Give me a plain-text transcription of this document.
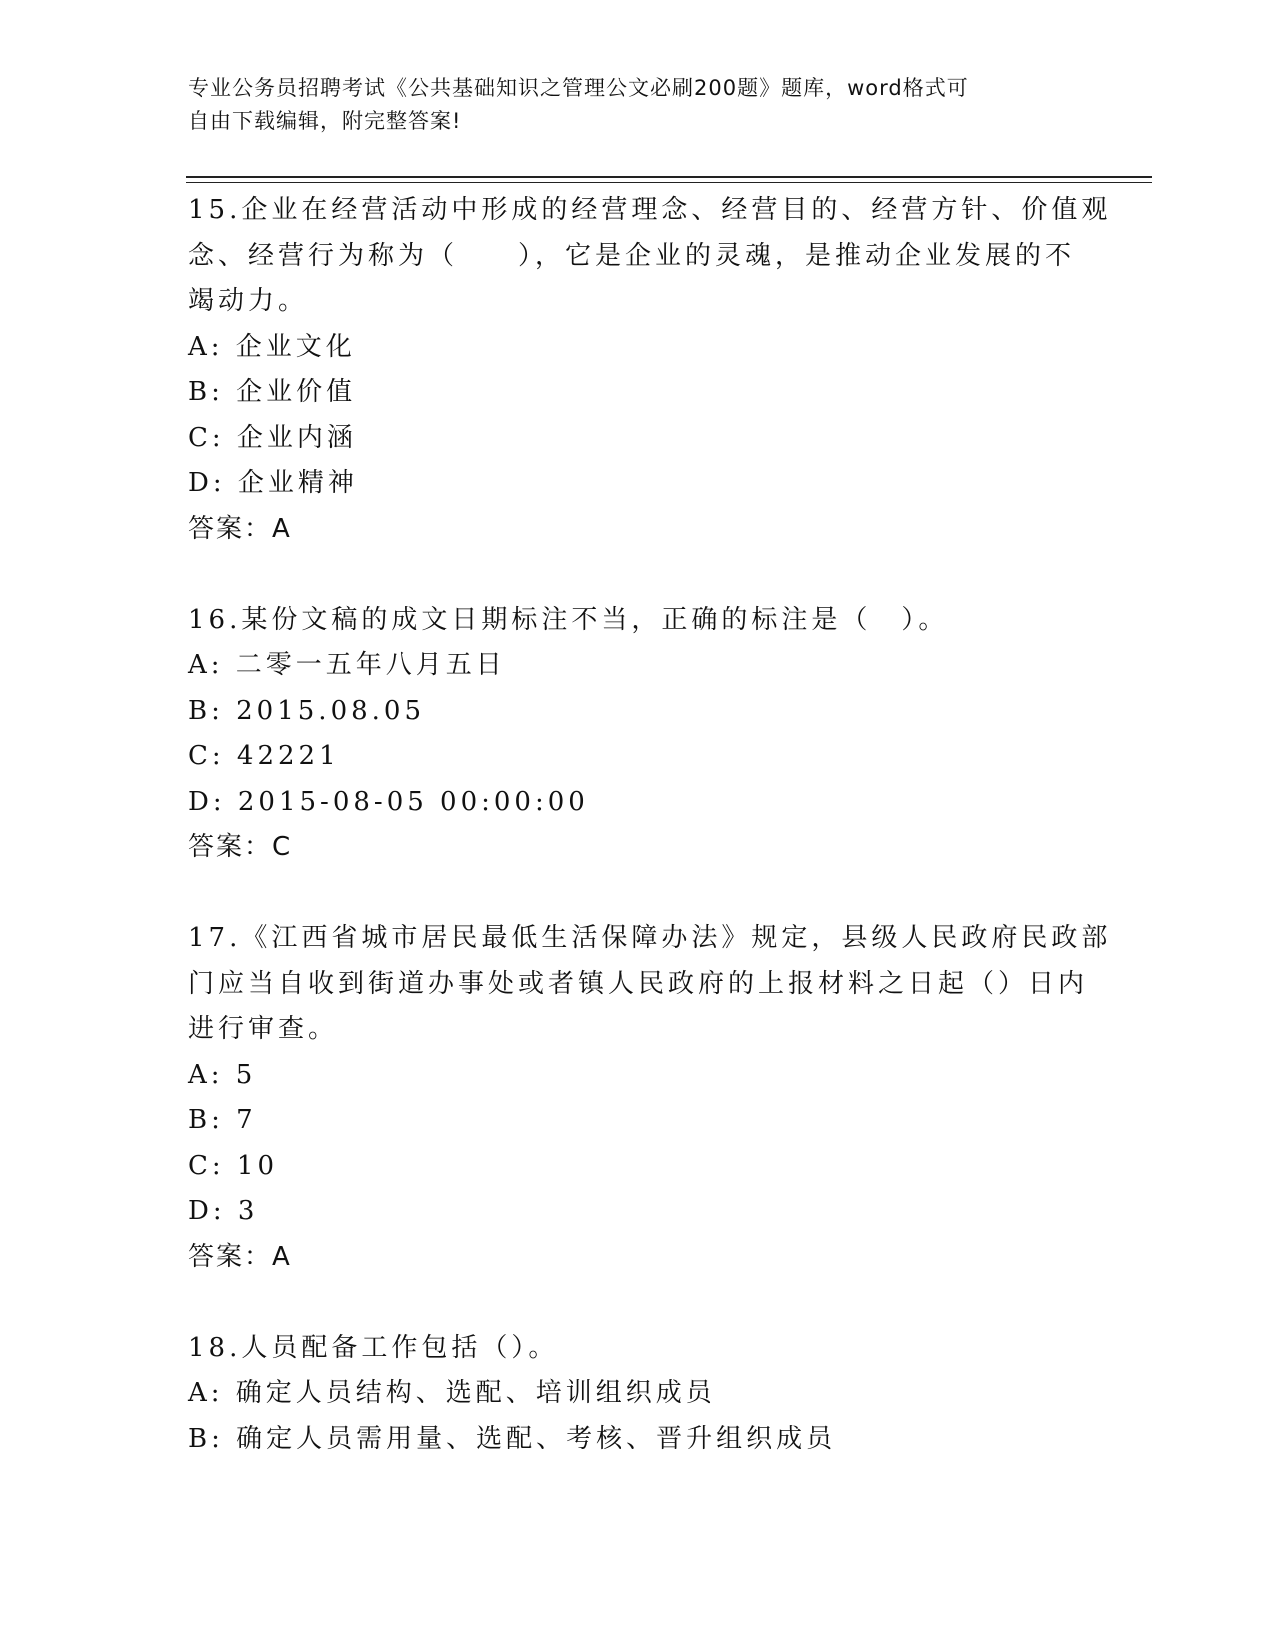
专业公务员招聘考试《公共基础知识之管理公文必刷200题》题库，word格式可
自由下载编辑，附完整答案!
15.企业在经营活动中形成的经营理念、经营目的、经营方针、价值观
念、经营行为称为（　　），它是企业的灵魂，是推动企业发展的不
竭动力。
A: 企业文化
B: 企业价值
C: 企业内涵
D: 企业精神
答案：A
16.某份文稿的成文日期标注不当，正确的标注是（　）。
A: 二零一五年八月五日
B: 2015.08.05
C: 42221
D: 2015-08-05 00:00:00
答案：C
17.《江西省城市居民最低生活保障办法》规定，县级人民政府民政部
门应当自收到街道办事处或者镇人民政府的上报材料之日起（）日内
进行审查。
A: 5
B: 7
C: 10
D: 3
答案：A
18.人员配备工作包括（）。
A: 确定人员结构、选配、培训组织成员
B: 确定人员需用量、选配、考核、晋升组织成员
